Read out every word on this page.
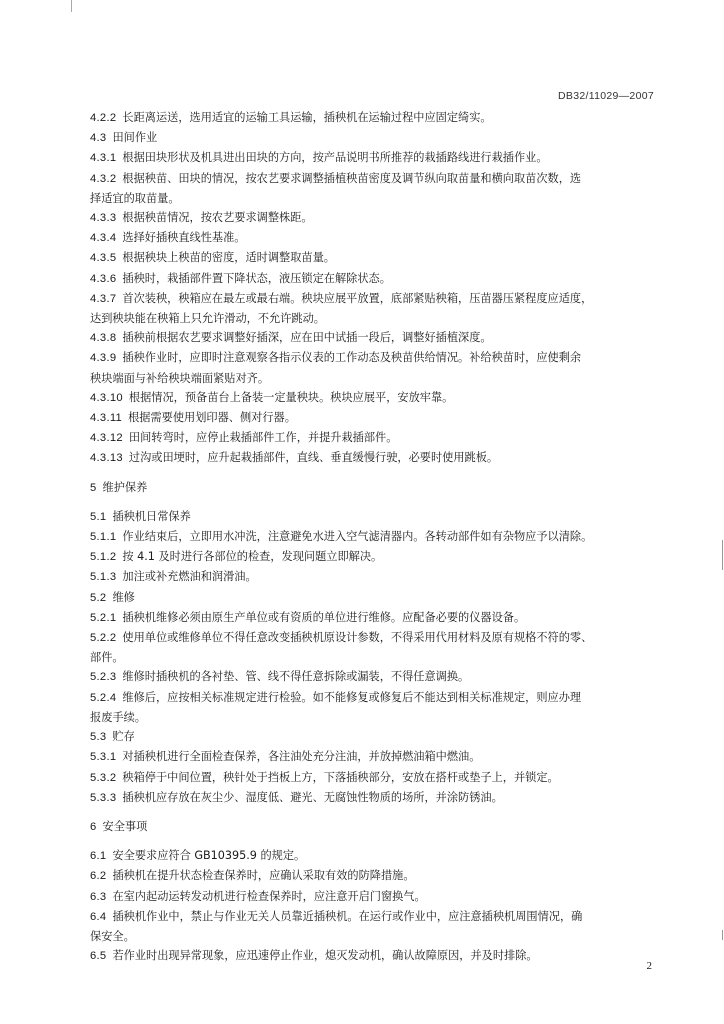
DB32/11029—2007
4.2.2 长距离运送，选用适宜的运输工具运输，插秧机在运输过程中应固定绮实。
4.3 田间作业
4.3.1 根据田块形状及机具进出田块的方向，按产品说明书所推荐的栽插路线进行栽插作业。
4.3.2 根据秧苗、田块的情况，按农艺要求调整插植秧苗密度及调节纵向取苗量和横向取苗次数，选
择适宜的取苗量。
4.3.3 根据秧苗情况，按农艺要求调整株距。
4.3.4 选择好插秧直线性基准。
4.3.5 根据秧块上秧苗的密度，适时调整取苗量。
4.3.6 插秧时，栽插部件置下降状态，液压锁定在解除状态。
4.3.7 首次装秧，秧箱应在最左或最右端。秧块应展平放置，底部紧贴秧箱，压苗器压紧程度应适度，
达到秧块能在秧箱上只允许滑动，不允许跳动。
4.3.8 插秧前根据农艺要求调整好插深，应在田中试插一段后，调整好插植深度。
4.3.9 插秧作业时，应即时注意观察各指示仪表的工作动态及秧苗供给情况。补给秧苗时，应使剩余
秧块端面与补给秧块端面紧贴对齐。
4.3.10 根据情况，预备苗台上备装一定量秧块。秧块应展平，安放牢靠。
4.3.11 根据需要使用划印器、侧对行器。
4.3.12 田间转弯时，应停止栽插部件工作，并提升栽插部件。
4.3.13 过沟或田埂时，应升起栽插部件，直线、垂直缓慢行驶，必要时使用跳板。
5 维护保养
5.1 插秧机日常保养
5.1.1 作业结束后，立即用水冲洗，注意避免水进入空气滤清器内。各转动部件如有杂物应予以清除。
5.1.2 按 4.1 及时进行各部位的检查，发现问题立即解决。
5.1.3 加注或补充燃油和润滑油。
5.2 维修
5.2.1 插秧机维修必须由原生产单位或有资质的单位进行维修。应配备必要的仪器设备。
5.2.2 使用单位或维修单位不得任意改变插秧机原设计参数，不得采用代用材料及原有规格不符的零、
部件。
5.2.3 维修时插秧机的各衬垫、管、线不得任意拆除或漏装，不得任意调换。
5.2.4 维修后，应按相关标准规定进行检验。如不能修复或修复后不能达到相关标准规定，则应办理
报废手续。
5.3 贮存
5.3.1 对插秧机进行全面检查保养，各注油处充分注油，并放掉燃油箱中燃油。
5.3.2 秧箱停于中间位置，秧针处于挡板上方，下落插秧部分，安放在搭杆或垫子上，并锁定。
5.3.3 插秧机应存放在灰尘少、湿度低、避光、无腐蚀性物质的场所，并涂防锈油。
6 安全事项
6.1 安全要求应符合 GB10395.9 的规定。
6.2 插秧机在提升状态检查保养时，应确认采取有效的防降措施。
6.3 在室内起动运转发动机进行检查保养时，应注意开启门窗换气。
6.4 插秧机作业中，禁止与作业无关人员靠近插秧机。在运行或作业中，应注意插秧机周围情况，确
保安全。
6.5 若作业时出现异常现象，应迅速停止作业，熄灭发动机，确认故障原因，并及时排除。
2
